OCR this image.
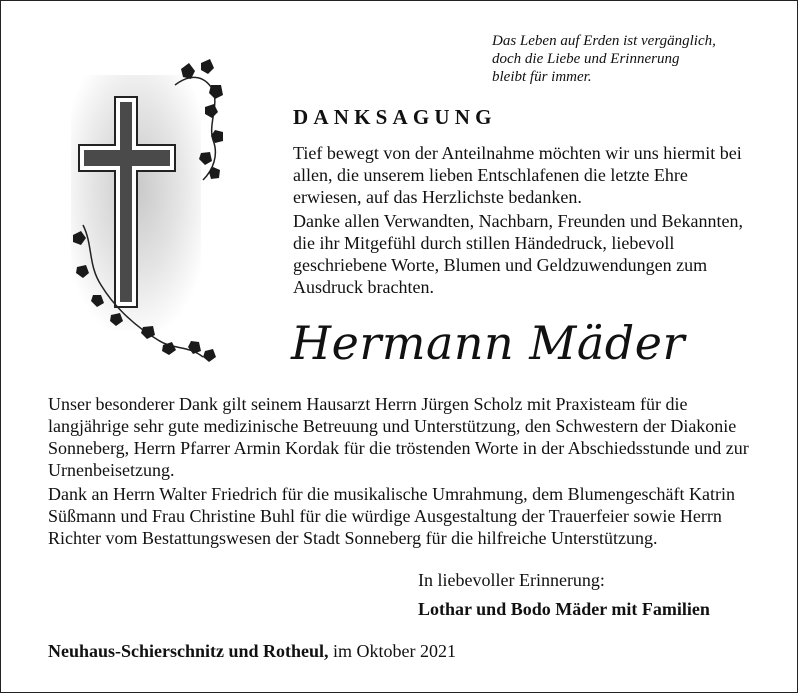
Das Leben auf Erden ist vergänglich,
doch die Liebe und Erinnerung
bleibt für immer.
DANKSAGUNG
Tief bewegt von der Anteilnahme möchten wir uns hiermit bei allen, die unserem lieben Entschlafenen die letzte Ehre erwiesen, auf das Herzlichste bedanken.
Danke allen Verwandten, Nachbarn, Freunden und Bekannten, die ihr Mitgefühl durch stillen Händedruck, liebevoll geschriebene Worte, Blumen und Geldzuwendungen zum Ausdruck brachten.
Hermann Mäder
Unser besonderer Dank gilt seinem Hausarzt Herrn Jürgen Scholz mit Praxisteam für die langjährige sehr gute medizinische Betreuung und Unterstützung, den Schwestern der Diakonie Sonneberg, Herrn Pfarrer Armin Kordak für die tröstenden Worte in der Abschiedsstunde und zur Urnenbeisetzung.
Dank an Herrn Walter Friedrich für die musikalische Umrahmung, dem Blumengeschäft Katrin Süßmann und Frau Christine Buhl für die würdige Ausgestaltung der Trauerfeier sowie Herrn Richter vom Bestattungswesen der Stadt Sonneberg für die hilfreiche Unterstützung.
In liebevoller Erinnerung:
Lothar und Bodo Mäder mit Familien
Neuhaus-Schierschnitz und Rotheul, im Oktober 2021
